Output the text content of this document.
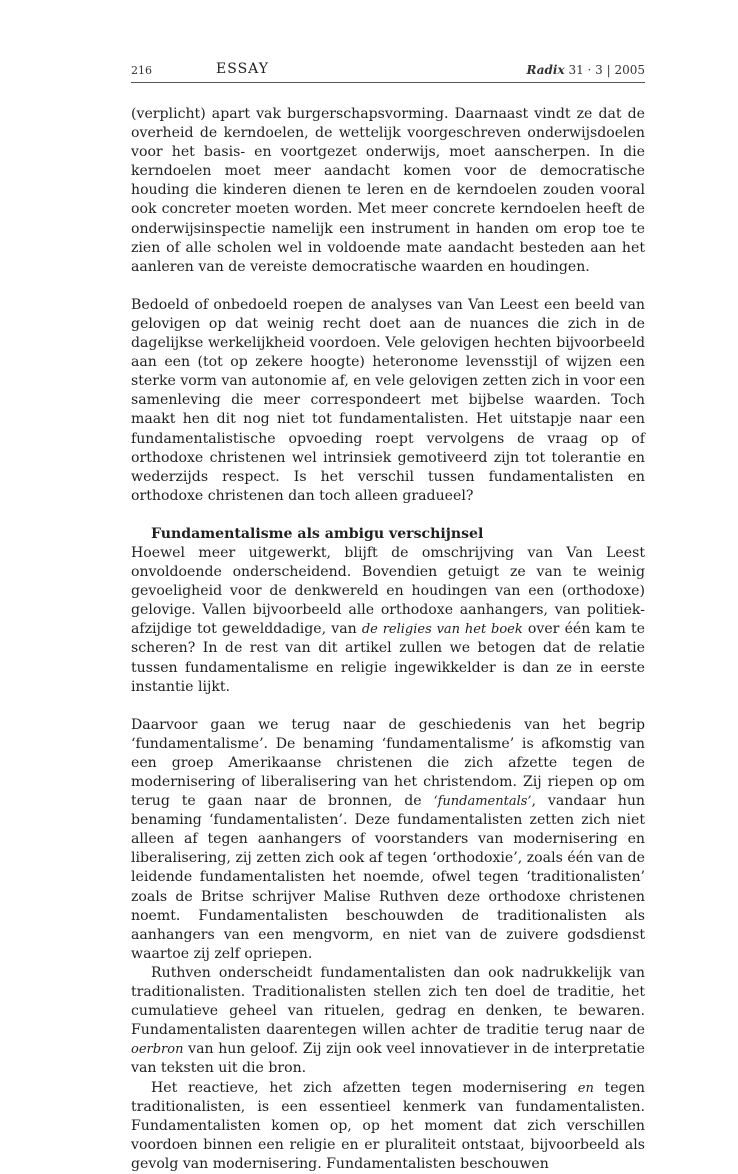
216	ESSAY	Radix 31 · 3 | 2005

(verplicht) apart vak burgerschapsvorming. Daarnaast vindt ze dat de overheid de kerndoelen, de wettelijk voorgeschreven onderwijsdoelen voor het basis- en voortgezet onderwijs, moet aanscherpen. In die kerndoelen moet meer aandacht komen voor de democratische houding die kinderen dienen te leren en de kerndoelen zouden vooral ook concreter moeten worden. Met meer concrete kerndoelen heeft de onderwijsinspectie namelijk een instrument in handen om erop toe te zien of alle scholen wel in voldoende mate aandacht besteden aan het aanleren van de vereiste democratische waarden en houdingen.

Bedoeld of onbedoeld roepen de analyses van Van Leest een beeld van gelovigen op dat weinig recht doet aan de nuances die zich in de dagelijkse werkelijkheid voordoen. Vele gelovigen hechten bijvoorbeeld aan een (tot op zekere hoogte) heteronome levensstijl of wijzen een sterke vorm van autonomie af, en vele gelovigen zetten zich in voor een samenleving die meer correspondeert met bijbelse waarden. Toch maakt hen dit nog niet tot fundamentalisten. Het uitstapje naar een fundamentalistische opvoeding roept vervolgens de vraag op of orthodoxe christenen wel intrinsiek gemotiveerd zijn tot tolerantie en wederzijds respect. Is het verschil tussen fundamentalisten en orthodoxe christenen dan toch alleen gradueel?

Fundamentalisme als ambigu verschijnsel

Hoewel meer uitgewerkt, blijft de omschrijving van Van Leest onvoldoende onderscheidend. Bovendien getuigt ze van te weinig gevoeligheid voor de denkwereld en houdingen van een (orthodoxe) gelovige. Vallen bijvoorbeeld alle orthodoxe aanhangers, van politiek-afzijdige tot gewelddadige, van de religies van het boek over één kam te scheren? In de rest van dit artikel zullen we betogen dat de relatie tussen fundamentalisme en religie ingewikkelder is dan ze in eerste instantie lijkt.

Daarvoor gaan we terug naar de geschiedenis van het begrip ‘fundamentalisme’. De benaming ‘fundamentalisme’ is afkomstig van een groep Amerikaanse christenen die zich afzette tegen de modernisering of liberalisering van het christendom. Zij riepen op om terug te gaan naar de bronnen, de ‘fundamentals’, vandaar hun benaming ‘fundamentalisten’. Deze fundamentalisten zetten zich niet alleen af tegen aanhangers of voorstanders van modernisering en liberalisering, zij zetten zich ook af tegen ‘orthodoxie’, zoals één van de leidende fundamentalisten het noemde, ofwel tegen ‘traditionalisten’ zoals de Britse schrijver Malise Ruthven deze orthodoxe christenen noemt. Fundamentalisten beschouwden de traditionalisten als aanhangers van een mengvorm, en niet van de zuivere godsdienst waartoe zij zelf opriepen.

Ruthven onderscheidt fundamentalisten dan ook nadrukkelijk van traditionalisten. Traditionalisten stellen zich ten doel de traditie, het cumulatieve geheel van rituelen, gedrag en denken, te bewaren. Fundamentalisten daarentegen willen achter de traditie terug naar de oerbron van hun geloof. Zij zijn ook veel innovatiever in de interpretatie van teksten uit die bron.

Het reactieve, het zich afzetten tegen modernisering en tegen traditionalisten, is een essentieel kenmerk van fundamentalisten. Fundamentalisten komen op, op het moment dat zich verschillen voordoen binnen een religie en er pluraliteit ontstaat, bijvoorbeeld als gevolg van modernisering. Fundamentalisten beschouwen
